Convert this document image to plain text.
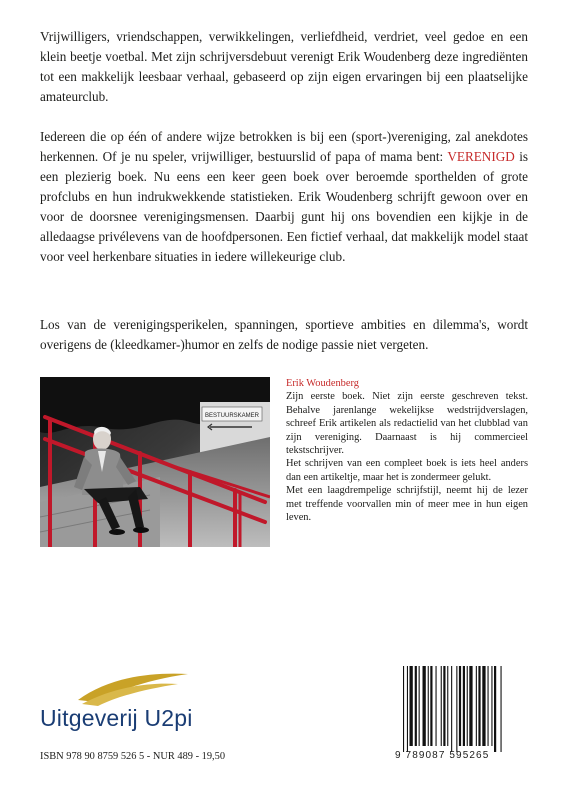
Vrijwilligers, vriendschappen, verwikkelingen, verliefdheid, verdriet, veel gedoe en een klein beetje voetbal. Met zijn schrijversdebuut verenigt Erik Woudenberg deze ingrediënten tot een makkelijk leesbaar verhaal, gebaseerd op zijn eigen ervaringen bij een plaatselijke amateurclub.

Iedereen die op één of andere wijze betrokken is bij een (sport-)vereniging, zal anekdotes herkennen. Of je nu speler, vrijwilliger, bestuurslid of papa of mama bent: VERENIGD is een plezierig boek. Nu eens een keer geen boek over beroemde sporthelden of grote profclubs en hun indrukwekkende statistieken. Erik Woudenberg schrijft gewoon over en voor de doorsnee verenigingsmensen. Daarbij gunt hij ons bovendien een kijkje in de alledaagse privélevens van de hoofdpersonen. Een fictief verhaal, dat makkelijk model staat voor veel herkenbare situaties in iedere willekeurige club.

Los van de verenigingsperikelen, spanningen, sportieve ambities en dilemma's, wordt overigens de (kleedkamer-)humor en zelfs de nodige passie niet vergeten.

BESTUURSKAMER
Erik Woudenberg
Zijn eerste boek. Niet zijn eerste geschreven tekst. Behalve jarenlange wekelijkse wedstrijdverslagen, schreef Erik artikelen als redactielid van het clubblad van zijn vereniging. Daarnaast is hij commercieel tekstschrijver.
Het schrijven van een compleet boek is iets heel anders dan een artikeltje, maar het is zondermeer gelukt.
Met een laagdrempelige schrijfstijl, neemt hij de lezer met treffende voorvallen min of meer mee in hun eigen leven.
Uitgeverij U2pi
ISBN 978 90 8759 526 5 - NUR 489 - 19,50	9 789087 595265
